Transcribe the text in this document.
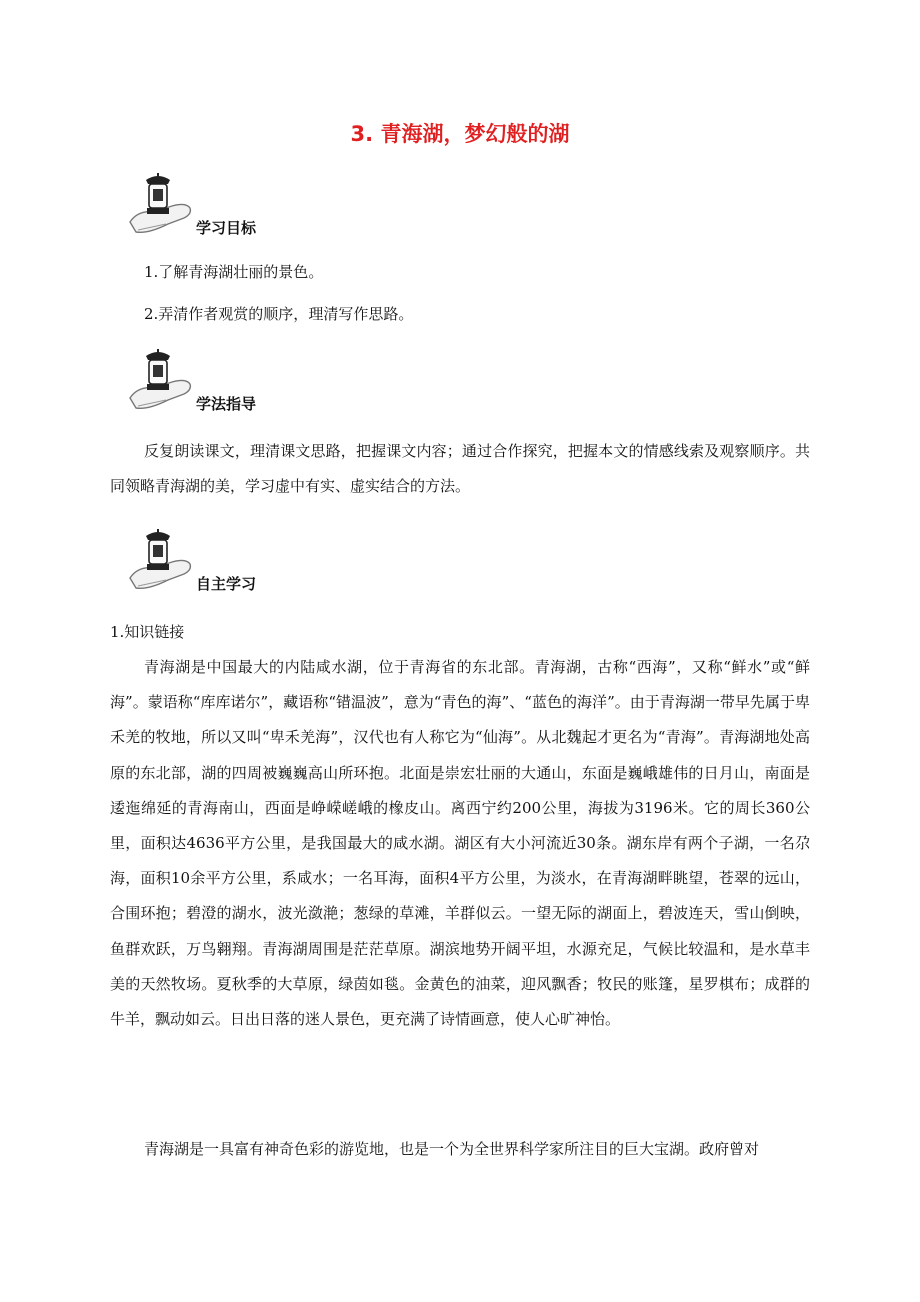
3. 青海湖，梦幻般的湖
学习目标
1.了解青海湖壮丽的景色。
2.弄清作者观赏的顺序，理清写作思路。
学法指导

反复朗读课文，理清课文思路，把握课文内容；通过合作探究，把握本文的情感线索及观察顺序。共同领略青海湖的美，学习虚中有实、虚实结合的方法。

自主学习
1.知识链接

青海湖是中国最大的内陆咸水湖，位于青海省的东北部。青海湖，古称“西海”，又称“鲜水”或“鲜海”。蒙语称“库库诺尔”，藏语称“错温波”，意为“青色的海”、“蓝色的海洋”。由于青海湖一带早先属于卑禾羌的牧地，所以又叫“卑禾羌海”，汉代也有人称它为“仙海”。从北魏起才更名为“青海”。青海湖地处高原的东北部，湖的四周被巍巍高山所环抱。北面是崇宏壮丽的大通山，东面是巍峨雄伟的日月山，南面是逶迤绵延的青海南山，西面是峥嵘嵯峨的橡皮山。离西宁约200公里，海拔为3196米。它的周长360公里，面积达4636平方公里，是我国最大的咸水湖。湖区有大小河流近30条。湖东岸有两个子湖，一名尕海，面积10余平方公里，系咸水；一名耳海，面积4平方公里，为淡水，在青海湖畔眺望，苍翠的远山，合围环抱；碧澄的湖水，波光潋滟；葱绿的草滩，羊群似云。一望无际的湖面上，碧波连天，雪山倒映，鱼群欢跃，万鸟翱翔。青海湖周围是茫茫草原。湖滨地势开阔平坦，水源充足，气候比较温和，是水草丰美的天然牧场。夏秋季的大草原，绿茵如毯。金黄色的油菜，迎风飘香；牧民的账篷，星罗棋布；成群的牛羊，飘动如云。日出日落的迷人景色，更充满了诗情画意，使人心旷神怡。

青海湖是一具富有神奇色彩的游览地，也是一个为全世界科学家所注目的巨大宝湖。政府曾对
